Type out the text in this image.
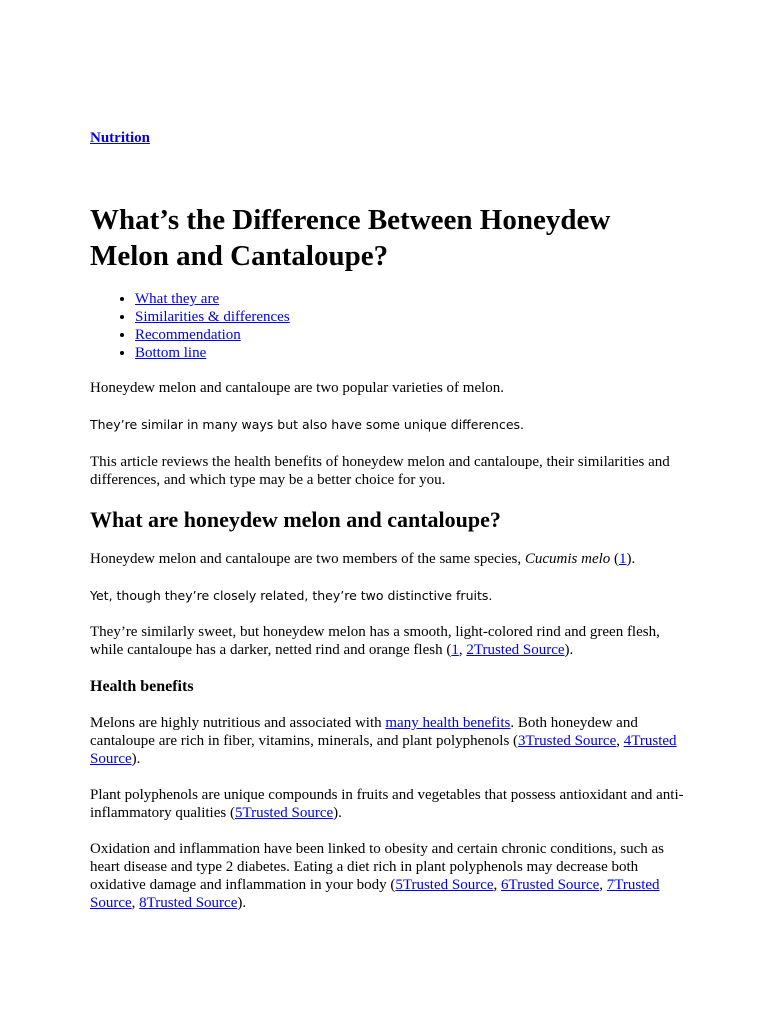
Nutrition
What’s the Difference Between Honeydew Melon and Cantaloupe?
• What they are
• Similarities & differences
• Recommendation
• Bottom line

Honeydew melon and cantaloupe are two popular varieties of melon.

They’re similar in many ways but also have some unique differences.

This article reviews the health benefits of honeydew melon and cantaloupe, their similarities and differences, and which type may be a better choice for you.

What are honeydew melon and cantaloupe?

Honeydew melon and cantaloupe are two members of the same species, Cucumis melo (1).

Yet, though they’re closely related, they’re two distinctive fruits.

They’re similarly sweet, but honeydew melon has a smooth, light-colored rind and green flesh, while cantaloupe has a darker, netted rind and orange flesh (1, 2Trusted Source).

Health benefits

Melons are highly nutritious and associated with many health benefits. Both honeydew and cantaloupe are rich in fiber, vitamins, minerals, and plant polyphenols (3Trusted Source, 4Trusted Source).

Plant polyphenols are unique compounds in fruits and vegetables that possess antioxidant and anti-inflammatory qualities (5Trusted Source).

Oxidation and inflammation have been linked to obesity and certain chronic conditions, such as heart disease and type 2 diabetes. Eating a diet rich in plant polyphenols may decrease both oxidative damage and inflammation in your body (5Trusted Source, 6Trusted Source, 7Trusted Source, 8Trusted Source).
